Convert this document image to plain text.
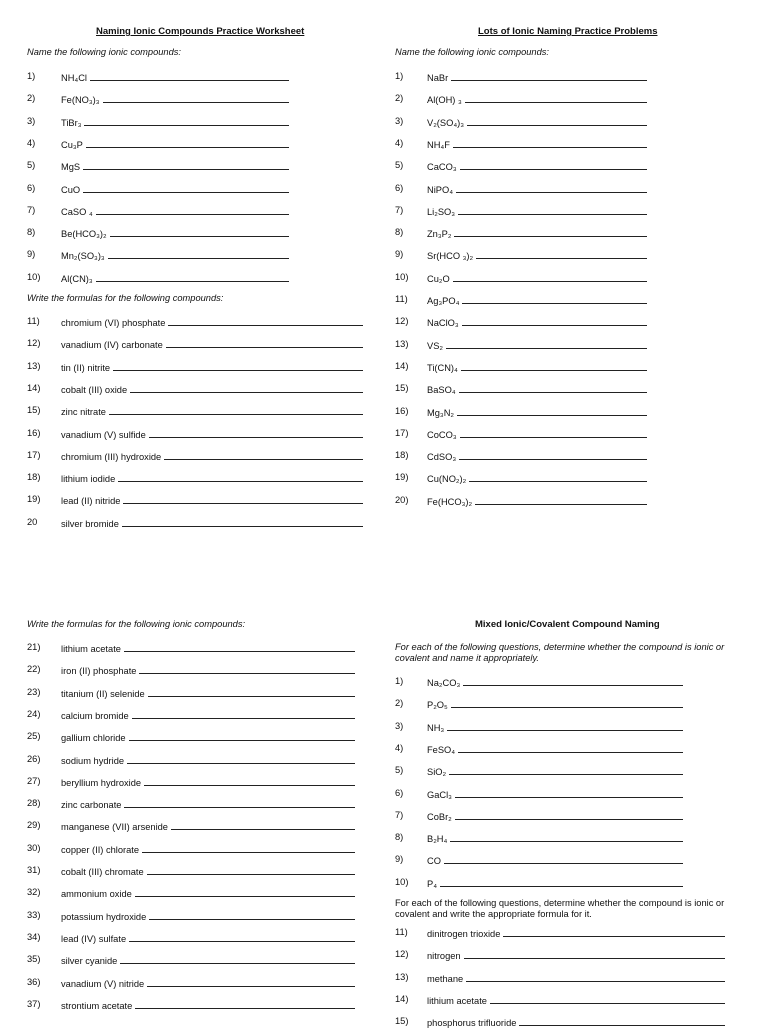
Naming Ionic Compounds Practice Worksheet
Name the following ionic compounds:
1)	NH₄Cl
2)	Fe(NO₃)₃
3)	TiBr₃
4)	Cu₃P
5)	MgS
6)	CuO
7)	CaSO ₄
8)	Be(HCO₃)₂
9)	Mn₂(SO₃)₃
10) Al(CN)₃
Write the formulas for the following compounds:
11) chromium (VI) phosphate
12) vanadium (IV) carbonate
13) tin (II) nitrite
14) cobalt (III) oxide
15) zinc nitrate
16) vanadium (V) sulfide
17) chromium (III) hydroxide
18) lithium iodide
19) lead (II) nitride
20	silver bromide
Lots of Ionic Naming Practice Problems
Name the following ionic compounds:
1)	NaBr
2)	Al(OH) ₃
3)	V₂(SO₄)₃
4)	NH₄F
5)	CaCO₃
6)	NiPO₄
7)	Li₂SO₃
8)	Zn₃P₂
9)	Sr(HCO ₃)₂
10) Cu₂O
11) Ag₃PO₄
12) NaClO₃
13) VS₂
14) Ti(CN)₄
15) BaSO₄
16) Mg₃N₂
17) CoCO₃
18) CdSO₃
19) Cu(NO₂)₂
20) Fe(HCO₃)₂
Write the formulas for the following ionic compounds:
21) lithium acetate
22) iron (II) phosphate
23) titanium (II) selenide
24) calcium bromide
25) gallium chloride
26) sodium hydride
27) beryllium hydroxide
28) zinc carbonate
29) manganese (VII) arsenide
30) copper (II) chlorate
31) cobalt (III) chromate
32) ammonium oxide
33) potassium hydroxide
34) lead (IV) sulfate
35) silver cyanide
36) vanadium (V) nitride
37) strontium acetate
Mixed Ionic/Covalent Compound Naming
For each of the following questions, determine whether the compound is ionic or covalent and name it appropriately.
1)	Na₂CO₃
2)	P₂O₅
3)	NH₃
4)	FeSO₄
5)	SiO₂
6)	GaCl₃
7)	CoBr₂
8)	B₂H₄
9)	CO
10) P₄
For each of the following questions, determine whether the compound is ionic or covalent and write the appropriate formula for it.
11) dinitrogen trioxide
12) nitrogen
13) methane
14) lithium acetate
15) phosphorus trifluoride
